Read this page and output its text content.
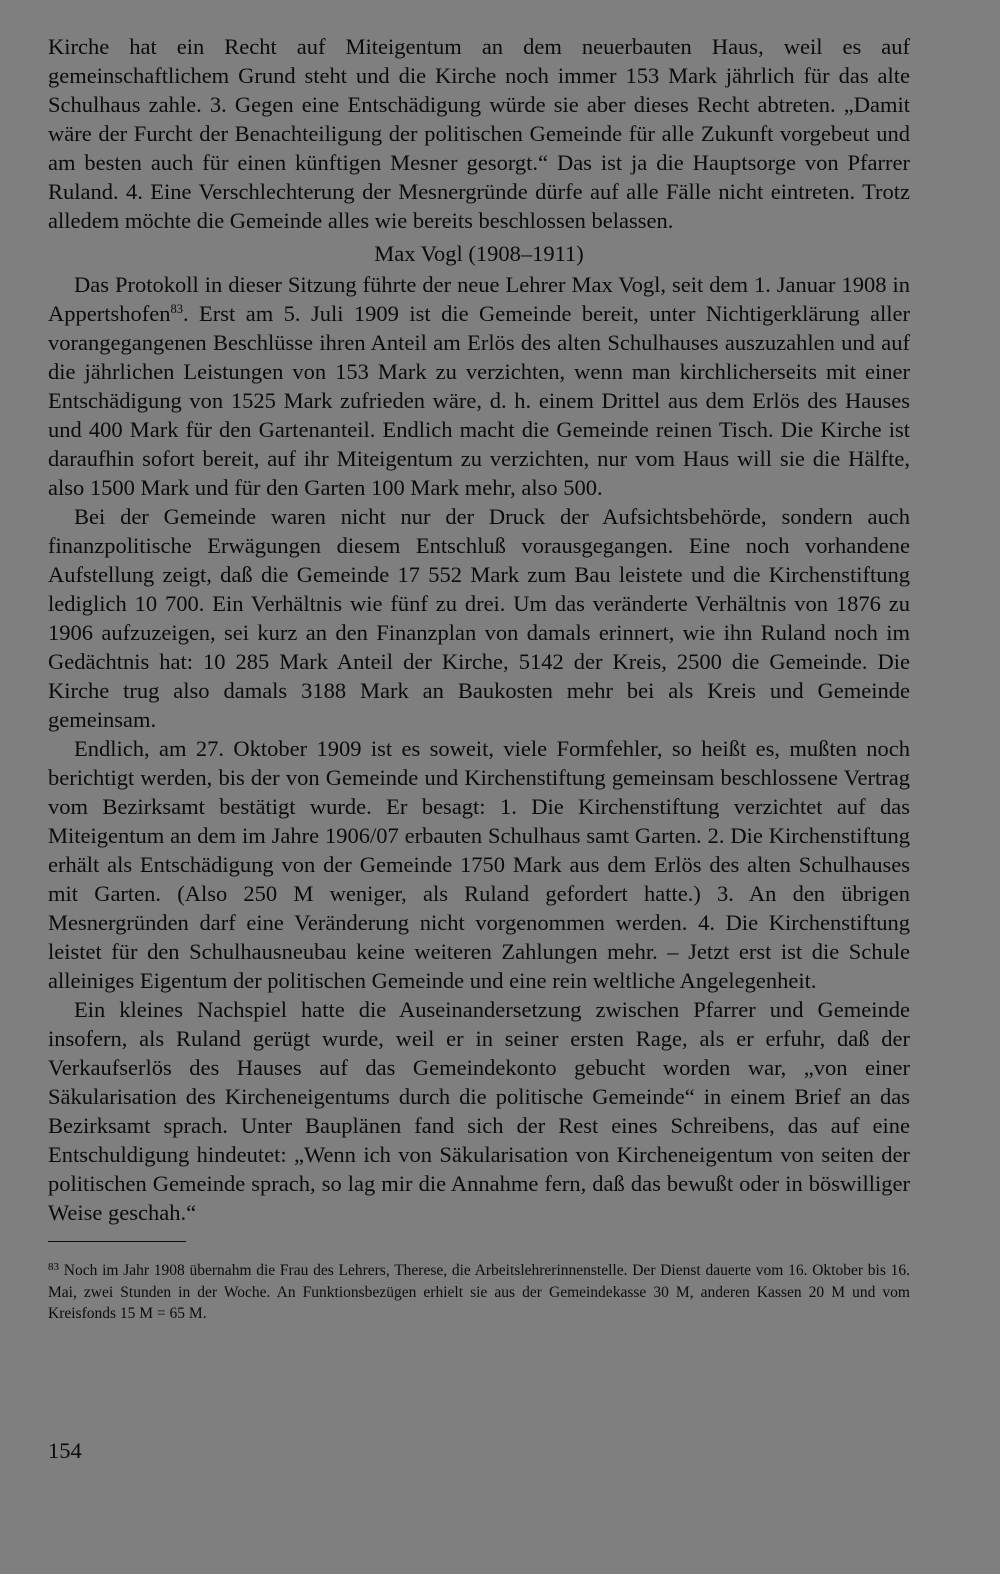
Kirche hat ein Recht auf Miteigentum an dem neuerbauten Haus, weil es auf gemeinschaftlichem Grund steht und die Kirche noch immer 153 Mark jährlich für das alte Schulhaus zahle. 3. Gegen eine Entschädigung würde sie aber dieses Recht abtreten. „Damit wäre der Furcht der Benachteiligung der politischen Gemeinde für alle Zukunft vorgebeut und am besten auch für einen künftigen Mesner gesorgt.“ Das ist ja die Hauptsorge von Pfarrer Ruland. 4. Eine Verschlechterung der Mesnergründe dürfe auf alle Fälle nicht eintreten. Trotz alledem möchte die Gemeinde alles wie bereits beschlossen belassen.

Max Vogl (1908–1911)

Das Protokoll in dieser Sitzung führte der neue Lehrer Max Vogl, seit dem 1. Januar 1908 in Appertshofen$^{83}$. Erst am 5. Juli 1909 ist die Gemeinde bereit, unter Nichtigerklärung aller vorangegangenen Beschlüsse ihren Anteil am Erlös des alten Schulhauses auszuzahlen und auf die jährlichen Leistungen von 153 Mark zu verzichten, wenn man kirchlicherseits mit einer Entschädigung von 1525 Mark zufrieden wäre, d. h. einem Drittel aus dem Erlös des Hauses und 400 Mark für den Gartenanteil. Endlich macht die Gemeinde reinen Tisch. Die Kirche ist daraufhin sofort bereit, auf ihr Miteigentum zu verzichten, nur vom Haus will sie die Hälfte, also 1500 Mark und für den Garten 100 Mark mehr, also 500.

Bei der Gemeinde waren nicht nur der Druck der Aufsichtsbehörde, sondern auch finanzpolitische Erwägungen diesem Entschluß vorausgegangen. Eine noch vorhandene Aufstellung zeigt, daß die Gemeinde 17 552 Mark zum Bau leistete und die Kirchenstiftung lediglich 10 700. Ein Verhältnis wie fünf zu drei. Um das veränderte Verhältnis von 1876 zu 1906 aufzuzeigen, sei kurz an den Finanzplan von damals erinnert, wie ihn Ruland noch im Gedächtnis hat: 10 285 Mark Anteil der Kirche, 5142 der Kreis, 2500 die Gemeinde. Die Kirche trug also damals 3188 Mark an Baukosten mehr bei als Kreis und Gemeinde gemeinsam.

Endlich, am 27. Oktober 1909 ist es soweit, viele Formfehler, so heißt es, mußten noch berichtigt werden, bis der von Gemeinde und Kirchenstiftung gemeinsam beschlossene Vertrag vom Bezirksamt bestätigt wurde. Er besagt: 1. Die Kirchenstiftung verzichtet auf das Miteigentum an dem im Jahre 1906/07 erbauten Schulhaus samt Garten. 2. Die Kirchenstiftung erhält als Entschädigung von der Gemeinde 1750 Mark aus dem Erlös des alten Schulhauses mit Garten. (Also 250 M weniger, als Ruland gefordert hatte.) 3. An den übrigen Mesnergründen darf eine Veränderung nicht vorgenommen werden. 4. Die Kirchenstiftung leistet für den Schulhausneubau keine weiteren Zahlungen mehr. – Jetzt erst ist die Schule alleiniges Eigentum der politischen Gemeinde und eine rein weltliche Angelegenheit.

Ein kleines Nachspiel hatte die Auseinandersetzung zwischen Pfarrer und Gemeinde insofern, als Ruland gerügt wurde, weil er in seiner ersten Rage, als er erfuhr, daß der Verkaufserlös des Hauses auf das Gemeindekonto gebucht worden war, „von einer Säkularisation des Kircheneigentums durch die politische Gemeinde“ in einem Brief an das Bezirksamt sprach. Unter Bauplänen fand sich der Rest eines Schreibens, das auf eine Entschuldigung hindeutet: „Wenn ich von Säkularisation von Kircheneigentum von seiten der politischen Gemeinde sprach, so lag mir die Annahme fern, daß das bewußt oder in böswilliger Weise geschah.“

$^{83}$ Noch im Jahr 1908 übernahm die Frau des Lehrers, Therese, die Arbeitslehrerinnenstelle. Der Dienst dauerte vom 16. Oktober bis 16. Mai, zwei Stunden in der Woche. An Funktionsbezügen erhielt sie aus der Gemeindekasse 30 M, anderen Kassen 20 M und vom Kreisfonds 15 M = 65 M.

154
